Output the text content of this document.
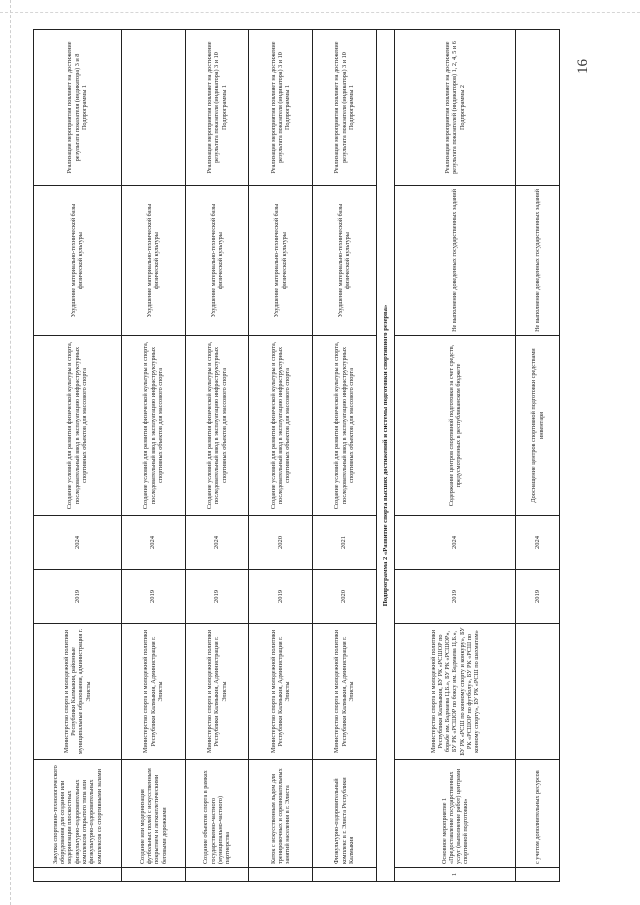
16
	Закупка спортивно-технологического оборудования для создания или модернизации плоскостных физкультурно-оздоровительных комплексов открытого типа или физкультурно-оздоровительных комплексов со спортивными залами	Министерство спорта и молодежной политики Республики Калмыкия, районные муниципальные образования, администрация г. Элисты	2019	2024	Создание условий для развития физической культуры и спорта, последовательный ввод в эксплуатацию инфраструктурных спортивных объектов для массового спорта	Ухудшение материально-технической базы физической культуры	Реализация мероприятия повлияет на достижение результата показателя (индикатора) 3 и 8 Подпрограммы 1
	Создание или модернизация футбольных полей с искусственным покрытием и легкоатлетическими беговыми дорожками	Министерство спорта и молодежной политики Республики Калмыкия, Администрация г. Элисты	2019	2024	Создание условий для развития физической культуры и спорта, последовательный ввод в эксплуатацию инфраструктурных спортивных объектов для массового спорта	Ухудшение материально-технической базы физической культуры	
	Создание объектов спорта в рамках государственно-частного (муниципально-частного) партнерства	Министерство спорта и молодежной политики Республики Калмыкия, Администрация г. Элисты	2019	2024	Создание условий для развития физической культуры и спорта, последовательный ввод в эксплуатацию инфраструктурных спортивных объектов для массового спорта	Ухудшение материально-технической базы физической культуры	Реализация мероприятия повлияет на достижение результата показателя (индикатора) 3 и 10 Подпрограммы 1
	Каток с искусственным льдом для тренировочных и соревновательных занятий населения в г. Элиста	Министерство спорта и молодежной политики Республики Калмыкия, Администрация г. Элисты	2019	2020	Создание условий для развития физической культуры и спорта, последовательный ввод в эксплуатацию инфраструктурных спортивных объектов для массового спорта	Ухудшение материально-технической базы физической культуры	Реализация мероприятия повлияет на достижение результата показателя (индикатора) 3 и 10 Подпрограммы 1
	Физкультурно-оздоровительный комплекс в г. Элиста Республики Калмыкия	Министерство спорта и молодежной политики Республики Калмыкия, Администрация г. Элисты	2020	2021	Создание условий для развития физической культуры и спорта, последовательный ввод в эксплуатацию инфраструктурных спортивных объектов для массового спорта	Ухудшение материально-технической базы физической культуры	Реализация мероприятия повлияет на достижение результата показателя (индикатора) 3 и 10 Подпрограммы 1
Подпрограмма 2 «Развитие спорта высших достижений и системы подготовки спортивного резерва»							
1	Основное мероприятие 1 «Предоставление государственных услуг (выполнение работ) центрами спортивной подготовки»	Министерство спорта и молодежной политики Республики Калмыкия, БУ РК «РСШОР по борьбе им. Бадмаева Ц.Б.», БУ РК «РСШОР», БУ РК «РСШОР по боксу им. Бадмаева Ц.Б.», БУ РК «РСШ по конному спорту и конкуру», БУ РК «РСШОР по футболу», БУ РК «РСШ по конному спорту», БУ РК «РСШ по шахматам»	2019	2024	Содержание центров спортивной подготовки за счет средств, предусмотренных в республиканском бюджете	Не выполнение доведенных государственных заданий	Реализация мероприятия повлияет на достижение результата показателей (индикаторов) 1, 2, 4, 5 и 6 Подпрограммы 2
	с учетом дополнительных ресурсов		2019	2024	Дооснащение центров спортивной подготовки средствами инвентаря	Не выполнение доведенных государственных заданий	
